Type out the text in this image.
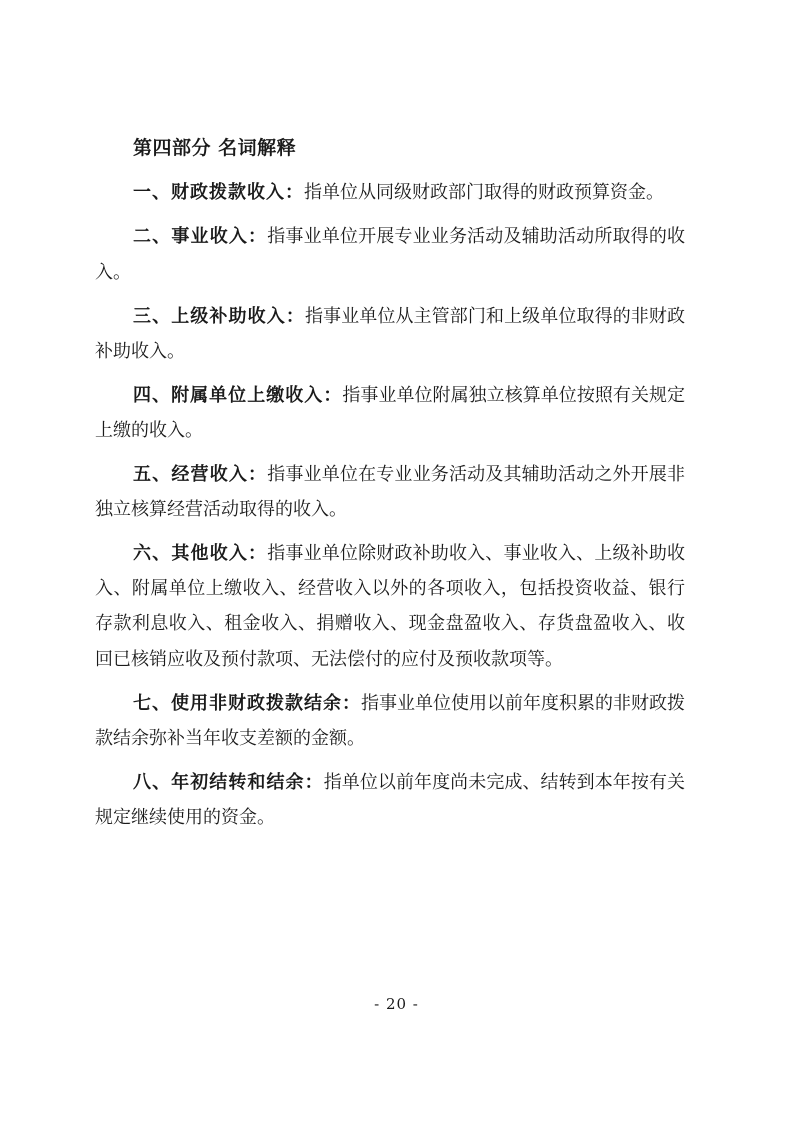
第四部分 名词解释

一、财政拨款收入：指单位从同级财政部门取得的财政预算资金。

二、事业收入：指事业单位开展专业业务活动及辅助活动所取得的收入。

三、上级补助收入：指事业单位从主管部门和上级单位取得的非财政补助收入。

四、附属单位上缴收入：指事业单位附属独立核算单位按照有关规定上缴的收入。

五、经营收入：指事业单位在专业业务活动及其辅助活动之外开展非独立核算经营活动取得的收入。

六、其他收入：指事业单位除财政补助收入、事业收入、上级补助收入、附属单位上缴收入、经营收入以外的各项收入，包括投资收益、银行存款利息收入、租金收入、捐赠收入、现金盘盈收入、存货盘盈收入、收回已核销应收及预付款项、无法偿付的应付及预收款项等。

七、使用非财政拨款结余：指事业单位使用以前年度积累的非财政拨款结余弥补当年收支差额的金额。

八、年初结转和结余：指单位以前年度尚未完成、结转到本年按有关规定继续使用的资金。

- 20 -
